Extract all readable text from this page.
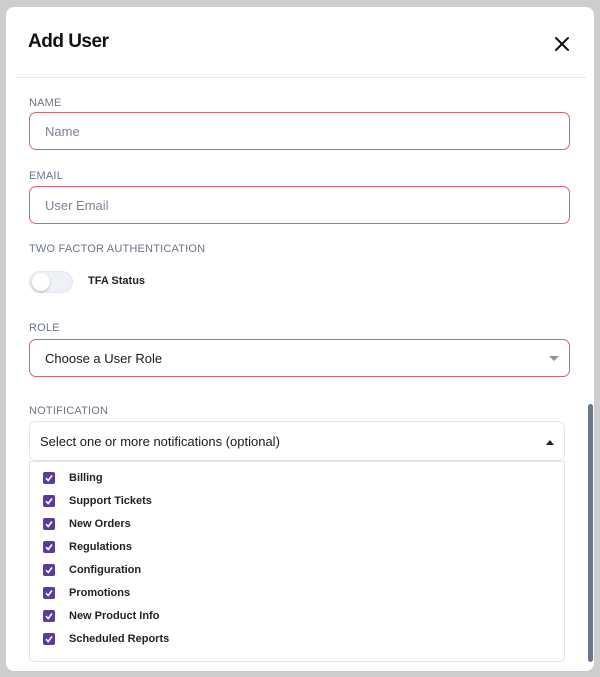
Add User
NAME
Name
EMAIL
User Email
TWO FACTOR AUTHENTICATION
TFA Status
ROLE
Choose a User Role
NOTIFICATION
Select one or more notifications (optional)
Billing
Support Tickets
New Orders
Regulations
Configuration
Promotions
New Product Info
Scheduled Reports
